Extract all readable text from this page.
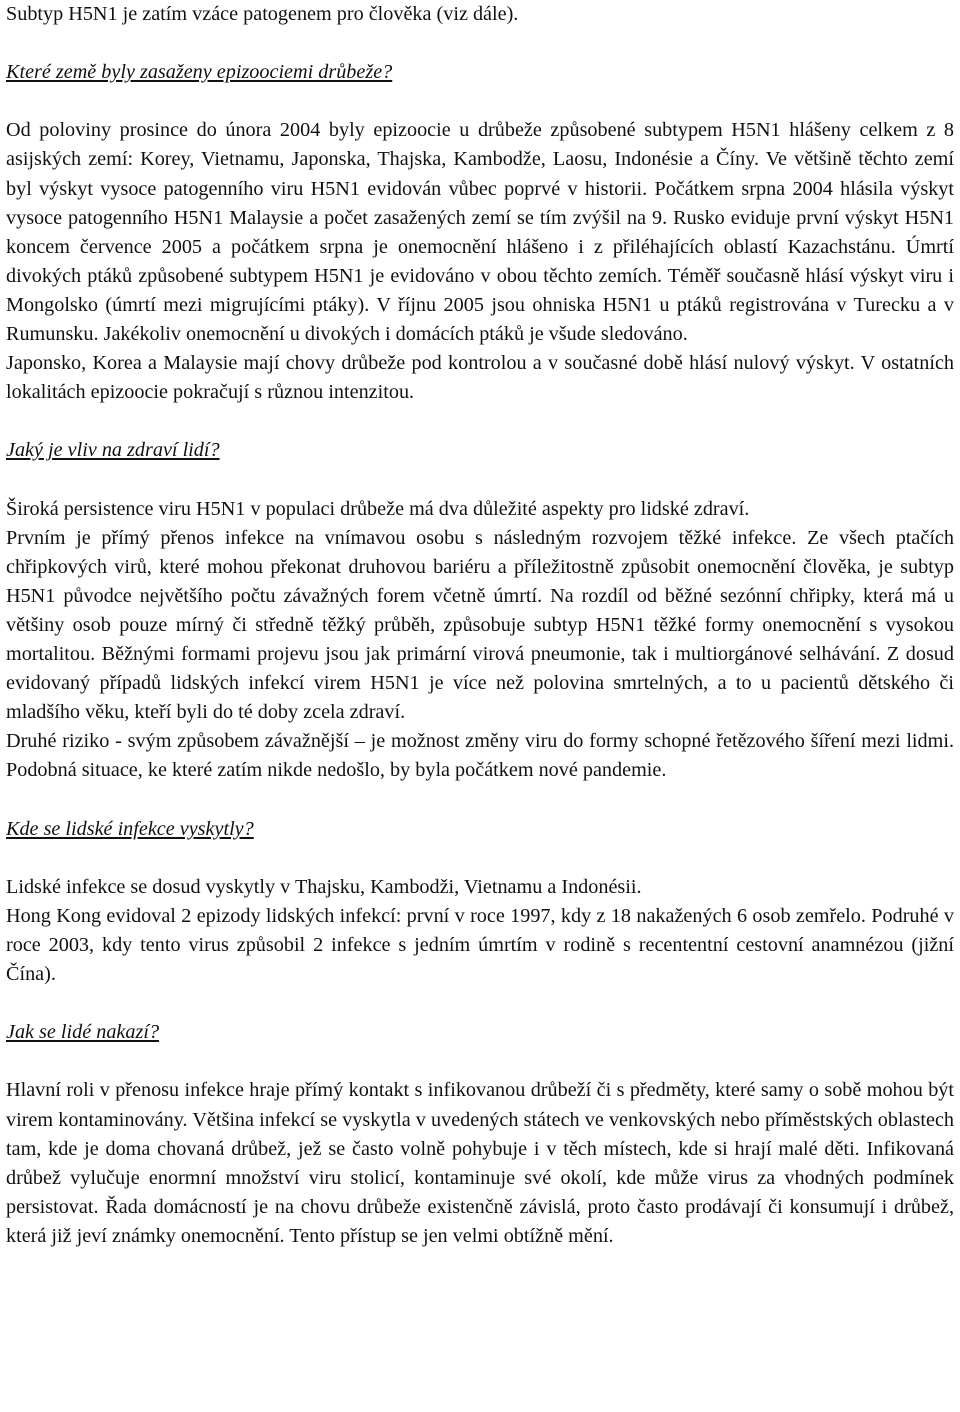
Subtyp H5N1 je zatím vzáce patogenem pro člověka (viz dále).

Které země byly zasaženy epizoociemi drůbeže?

Od poloviny prosince do února 2004 byly epizoocie u drůbeže způsobené subtypem H5N1 hlášeny celkem z 8 asijských zemí: Korey, Vietnamu, Japonska, Thajska, Kambodže, Laosu, Indonésie a Číny. Ve většině těchto zemí byl výskyt vysoce patogenního viru H5N1 evidován vůbec poprvé v historii. Počátkem srpna 2004 hlásila výskyt vysoce patogenního H5N1 Malaysie a počet zasažených zemí se tím zvýšil na 9. Rusko eviduje první výskyt H5N1 koncem července 2005 a počátkem srpna je onemocnění hlášeno i z přiléhajících oblastí Kazachstánu. Úmrtí divokých ptáků způsobené subtypem H5N1 je evidováno v obou těchto zemích. Téměř současně hlásí výskyt viru i Mongolsko (úmrtí mezi migrujícími ptáky). V říjnu 2005 jsou ohniska H5N1 u ptáků registrována v Turecku a v Rumunsku. Jakékoliv onemocnění u divokých i domácích ptáků je všude sledováno.

Japonsko, Korea a Malaysie mají chovy drůbeže pod kontrolou a v současné době hlásí nulový výskyt. V ostatních lokalitách epizoocie pokračují s různou intenzitou.

Jaký je vliv na zdraví lidí?

Široká persistence viru H5N1 v populaci drůbeže má dva důležité aspekty pro lidské zdraví.

Prvním je přímý přenos infekce na vnímavou osobu s následným rozvojem těžké infekce. Ze všech ptačích chřipkových virů, které mohou překonat druhovou bariéru a příležitostně způsobit onemocnění člověka, je subtyp H5N1 původce největšího počtu závažných forem včetně úmrtí. Na rozdíl od běžné sezónní chřipky, která má u většiny osob pouze mírný či středně těžký průběh, způsobuje subtyp H5N1 těžké formy onemocnění s vysokou mortalitou. Běžnými formami projevu jsou jak primární virová pneumonie, tak i multiorgánové selhávání. Z dosud evidovaný případů lidských infekcí virem H5N1 je více než polovina smrtelných, a to u pacientů dětského či mladšího věku, kteří byli do té doby zcela zdraví.

Druhé riziko - svým způsobem závažnější – je možnost změny viru do formy schopné řetězového šíření mezi lidmi. Podobná situace, ke které zatím nikde nedošlo, by byla počátkem nové pandemie.

Kde se lidské infekce vyskytly?

Lidské infekce se dosud vyskytly v Thajsku, Kambodži, Vietnamu a Indonésii.

Hong Kong evidoval 2 epizody lidských infekcí: první v roce 1997, kdy z 18 nakažených 6 osob zemřelo. Podruhé v roce 2003, kdy tento virus způsobil 2 infekce s jedním úmrtím v rodině s recententní cestovní anamnézou (jižní Čína).

Jak se lidé nakazí?

Hlavní roli v přenosu infekce hraje přímý kontakt s infikovanou drůbeží či s předměty, které samy o sobě mohou být virem kontaminovány. Většina infekcí se vyskytla v uvedených státech ve venkovských nebo příměstských oblastech tam, kde je doma chovaná drůbež, jež se často volně pohybuje i v těch místech, kde si hrají malé děti. Infikovaná drůbež vylučuje enormní množství viru stolicí, kontaminuje své okolí, kde může virus za vhodných podmínek persistovat. Řada domácností je na chovu drůbeže existenčně závislá, proto často prodávají či konsumují i drůbež, která již jeví známky onemocnění. Tento přístup se jen velmi obtížně mění.
